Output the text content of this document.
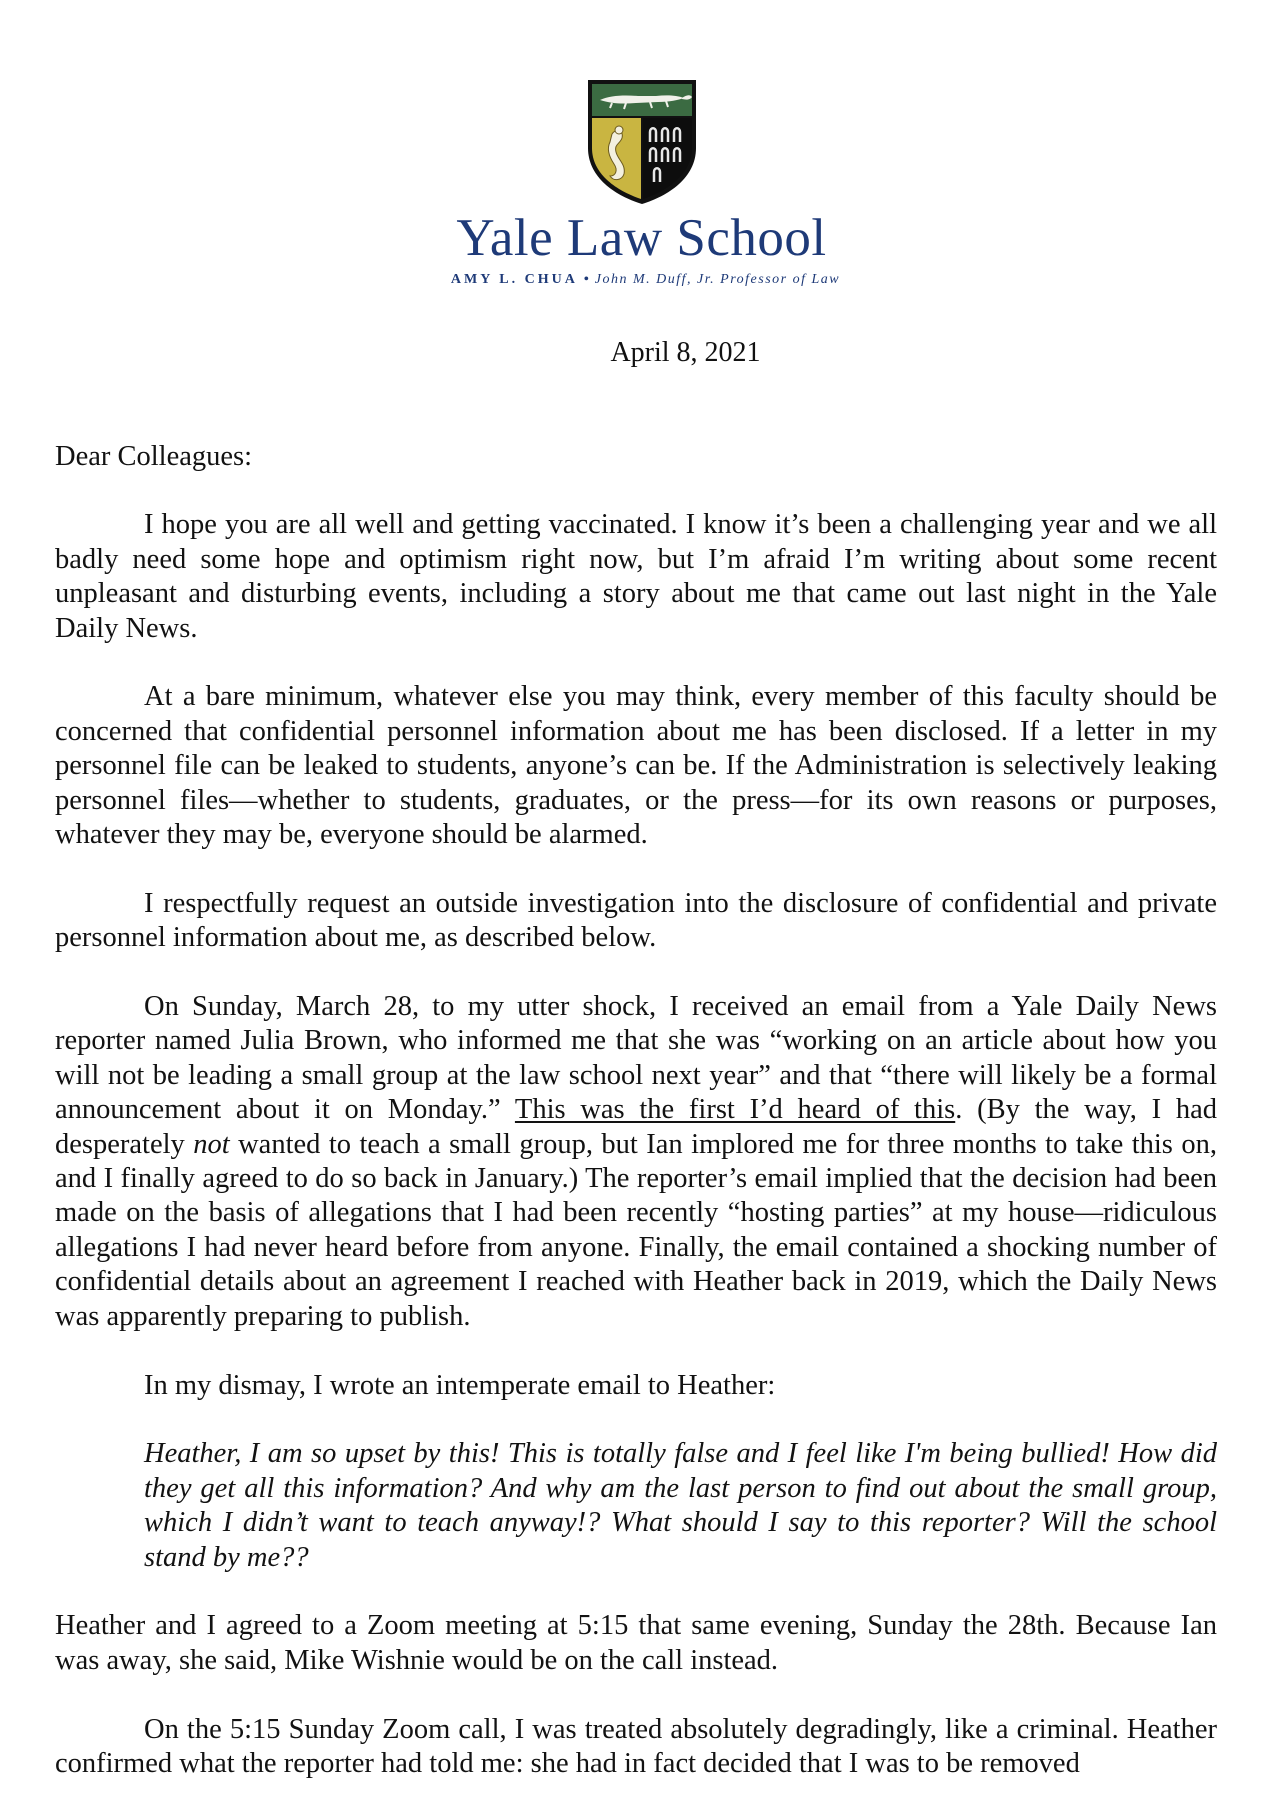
Yale Law School
AMY L. CHUA • John M. Duff, Jr. Professor of Law
April 8, 2021

Dear Colleagues:

I hope you are all well and getting vaccinated. I know it’s been a challenging year and we all badly need some hope and optimism right now, but I’m afraid I’m writing about some recent unpleasant and disturbing events, including a story about me that came out last night in the Yale Daily News.

At a bare minimum, whatever else you may think, every member of this faculty should be concerned that confidential personnel information about me has been disclosed. If a letter in my personnel file can be leaked to students, anyone’s can be. If the Administration is selectively leaking personnel files—whether to students, graduates, or the press—for its own reasons or purposes, whatever they may be, everyone should be alarmed.

I respectfully request an outside investigation into the disclosure of confidential and private personnel information about me, as described below.

On Sunday, March 28, to my utter shock, I received an email from a Yale Daily News reporter named Julia Brown, who informed me that she was “working on an article about how you will not be leading a small group at the law school next year” and that “there will likely be a formal announcement about it on Monday.” This was the first I’d heard of this. (By the way, I had desperately not wanted to teach a small group, but Ian implored me for three months to take this on, and I finally agreed to do so back in January.) The reporter’s email implied that the decision had been made on the basis of allegations that I had been recently “hosting parties” at my house—ridiculous allegations I had never heard before from anyone. Finally, the email contained a shocking number of confidential details about an agreement I reached with Heather back in 2019, which the Daily News was apparently preparing to publish.

In my dismay, I wrote an intemperate email to Heather:

Heather, I am so upset by this! This is totally false and I feel like I'm being bullied! How did they get all this information? And why am the last person to find out about the small group, which I didn’t want to teach anyway!? What should I say to this reporter? Will the school stand by me??

Heather and I agreed to a Zoom meeting at 5:15 that same evening, Sunday the 28th. Because Ian was away, she said, Mike Wishnie would be on the call instead.

On the 5:15 Sunday Zoom call, I was treated absolutely degradingly, like a criminal. Heather confirmed what the reporter had told me: she had in fact decided that I was to be removed
